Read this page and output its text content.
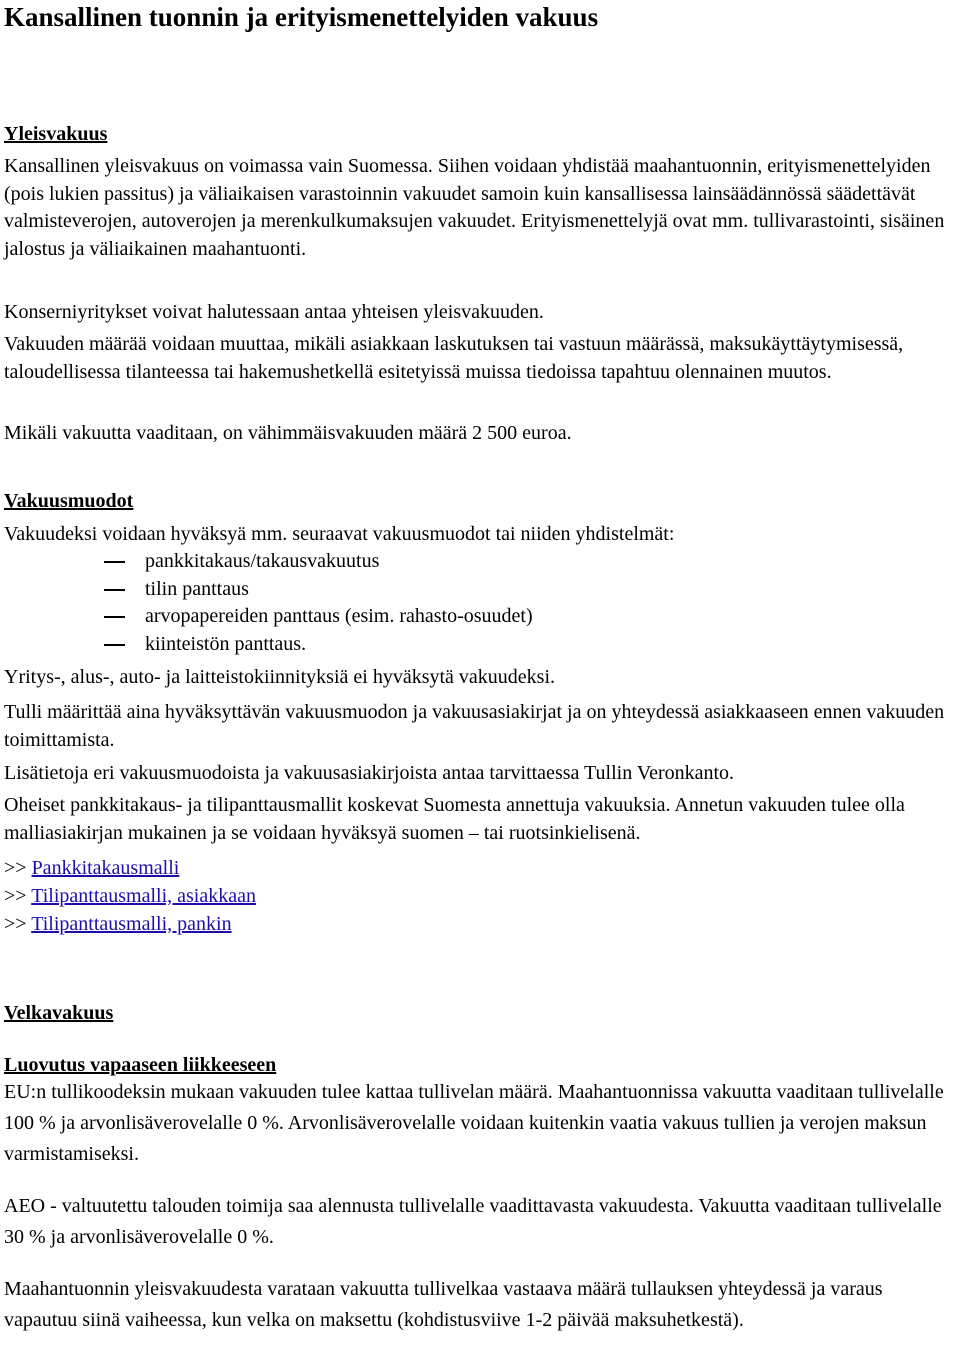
Kansallinen tuonnin ja erityismenettelyiden vakuus
Yleisvakuus

Kansallinen yleisvakuus on voimassa vain Suomessa. Siihen voidaan yhdistää maahantuonnin, erityismenettelyiden (pois lukien passitus) ja väliaikaisen varastoinnin vakuudet samoin kuin kansallisessa lainsäädännössä säädettävät valmisteverojen, autoverojen ja merenkulkumaksujen vakuudet. Erityismenettelyjä ovat mm. tullivarastointi, sisäinen jalostus ja väliaikainen maahantuonti.

Konserniyritykset voivat halutessaan antaa yhteisen yleisvakuuden.

Vakuuden määrää voidaan muuttaa, mikäli asiakkaan laskutuksen tai vastuun määrässä, maksukäyttäytymisessä, taloudellisessa tilanteessa tai hakemushetkellä esitetyissä muissa tiedoissa tapahtuu olennainen muutos.

Mikäli vakuutta vaaditaan, on vähimmäisvakuuden määrä 2 500 euroa.

Vakuusmuodot

Vakuudeksi voidaan hyväksyä mm. seuraavat vakuusmuodot tai niiden yhdistelmät:

pankkitakaus/takausvakuutus
tilin panttaus
arvopapereiden panttaus (esim. rahasto-osuudet)
kiinteistön panttaus.

Yritys-, alus-, auto- ja laitteistokiinnityksiä ei hyväksytä vakuudeksi.

Tulli määrittää aina hyväksyttävän vakuusmuodon ja vakuusasiakirjat ja on yhteydessä asiakkaaseen ennen vakuuden toimittamista.

Lisätietoja eri vakuusmuodoista ja vakuusasiakirjoista antaa tarvittaessa Tullin Veronkanto.

Oheiset pankkitakaus- ja tilipanttausmallit koskevat Suomesta annettuja vakuuksia. Annetun vakuuden tulee olla malliasiakirjan mukainen ja se voidaan hyväksyä suomen – tai ruotsinkielisenä.

>> Pankkitakausmalli
>> Tilipanttausmalli, asiakkaan
>> Tilipanttausmalli, pankin
Velkavakuus
Luovutus vapaaseen liikkeeseen

EU:n tullikoodeksin mukaan vakuuden tulee kattaa tullivelan määrä. Maahantuonnissa vakuutta vaaditaan tullivelalle 100 % ja arvonlisäverovelalle 0 %. Arvonlisäverovelalle voidaan kuitenkin vaatia vakuus tullien ja verojen maksun varmistamiseksi.

AEO - valtuutettu talouden toimija saa alennusta tullivelalle vaadittavasta vakuudesta. Vakuutta vaaditaan tullivelalle 30 % ja arvonlisäverovelalle 0 %.

Maahantuonnin yleisvakuudesta varataan vakuutta tullivelkaa vastaava määrä tullauksen yhteydessä ja varaus vapautuu siinä vaiheessa, kun velka on maksettu (kohdistusviive 1-2 päivää maksuhetkestä).
